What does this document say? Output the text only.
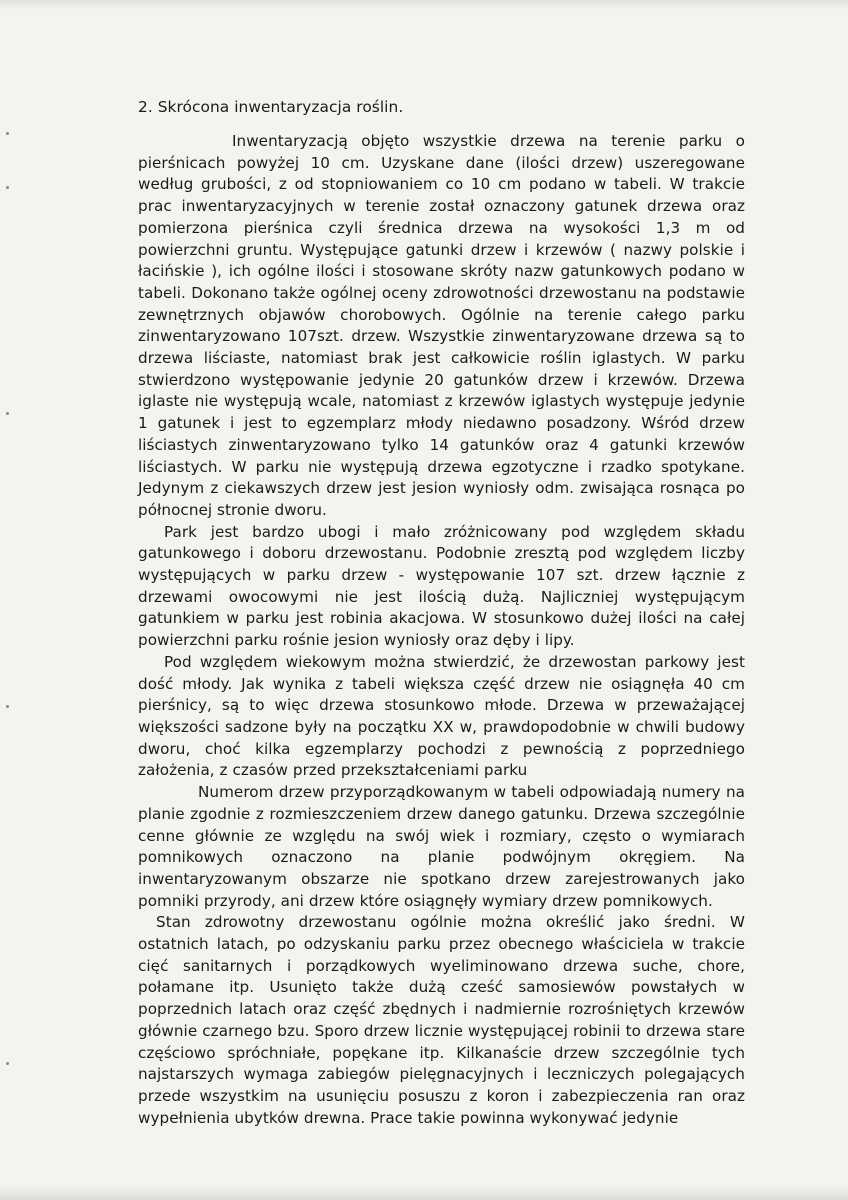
2. Skrócona inwentaryzacja roślin.

Inwentaryzacją objęto wszystkie drzewa na terenie parku o pierśnicach powyżej 10 cm. Uzyskane dane (ilości drzew) uszeregowane według grubości, z od stopniowaniem co 10 cm podano w tabeli. W trakcie prac inwentaryzacyjnych w terenie został oznaczony gatunek drzewa oraz pomierzona pierśnica czyli średnica drzewa na wysokości 1,3 m od powierzchni gruntu. Występujące gatunki drzew i krzewów ( nazwy polskie i łacińskie ), ich ogólne ilości i stosowane skróty nazw gatunkowych podano w tabeli. Dokonano także ogólnej oceny zdrowotności drzewostanu na podstawie zewnętrznych objawów chorobowych. Ogólnie na terenie całego parku zinwentaryzowano 107szt. drzew. Wszystkie zinwentaryzowane drzewa są to drzewa liściaste, natomiast brak jest całkowicie roślin iglastych. W parku stwierdzono występowanie jedynie 20 gatunków drzew i krzewów. Drzewa iglaste nie występują wcale, natomiast z krzewów iglastych występuje jedynie 1 gatunek i jest to egzemplarz młody niedawno posadzony. Wśród drzew liściastych zinwentaryzowano tylko 14 gatunków oraz 4 gatunki krzewów liściastych. W parku nie występują drzewa egzotyczne i rzadko spotykane. Jedynym z ciekawszych drzew jest jesion wyniosły odm. zwisająca rosnąca po północnej stronie dworu.

Park jest bardzo ubogi i mało zróżnicowany pod względem składu gatunkowego i doboru drzewostanu. Podobnie zresztą pod względem liczby występujących w parku drzew - występowanie 107 szt. drzew łącznie z drzewami owocowymi nie jest ilością dużą. Najliczniej występującym gatunkiem w parku jest robinia akacjowa. W stosunkowo dużej ilości na całej powierzchni parku rośnie jesion wyniosły oraz dęby i lipy.

Pod względem wiekowym można stwierdzić, że drzewostan parkowy jest dość młody. Jak wynika z tabeli większa część drzew nie osiągnęła 40 cm pierśnicy, są to więc drzewa stosunkowo młode. Drzewa w przeważającej większości sadzone były na początku XX w, prawdopodobnie w chwili budowy dworu, choć kilka egzemplarzy pochodzi z pewnością z poprzedniego założenia, z czasów przed przekształceniami parku

Numerom drzew przyporządkowanym w tabeli odpowiadają numery na planie zgodnie z rozmieszczeniem drzew danego gatunku. Drzewa szczególnie cenne głównie ze względu na swój wiek i rozmiary, często o wymiarach pomnikowych oznaczono na planie podwójnym okręgiem. Na inwentaryzowanym obszarze nie spotkano drzew zarejestrowanych jako pomniki przyrody, ani drzew które osiągnęły wymiary drzew pomnikowych.

Stan zdrowotny drzewostanu ogólnie można określić jako średni. W ostatnich latach, po odzyskaniu parku przez obecnego właściciela w trakcie cięć sanitarnych i porządkowych wyeliminowano drzewa suche, chore, połamane itp. Usunięto także dużą cześć samosiewów powstałych w poprzednich latach oraz część zbędnych i nadmiernie rozrośniętych krzewów głównie czarnego bzu. Sporo drzew licznie występującej robinii to drzewa stare częściowo spróchniałe, popękane itp. Kilkanaście drzew szczególnie tych najstarszych wymaga zabiegów pielęgnacyjnych i leczniczych polegających przede wszystkim na usunięciu posuszu z koron i zabezpieczenia ran oraz wypełnienia ubytków drewna. Prace takie powinna wykonywać jedynie
